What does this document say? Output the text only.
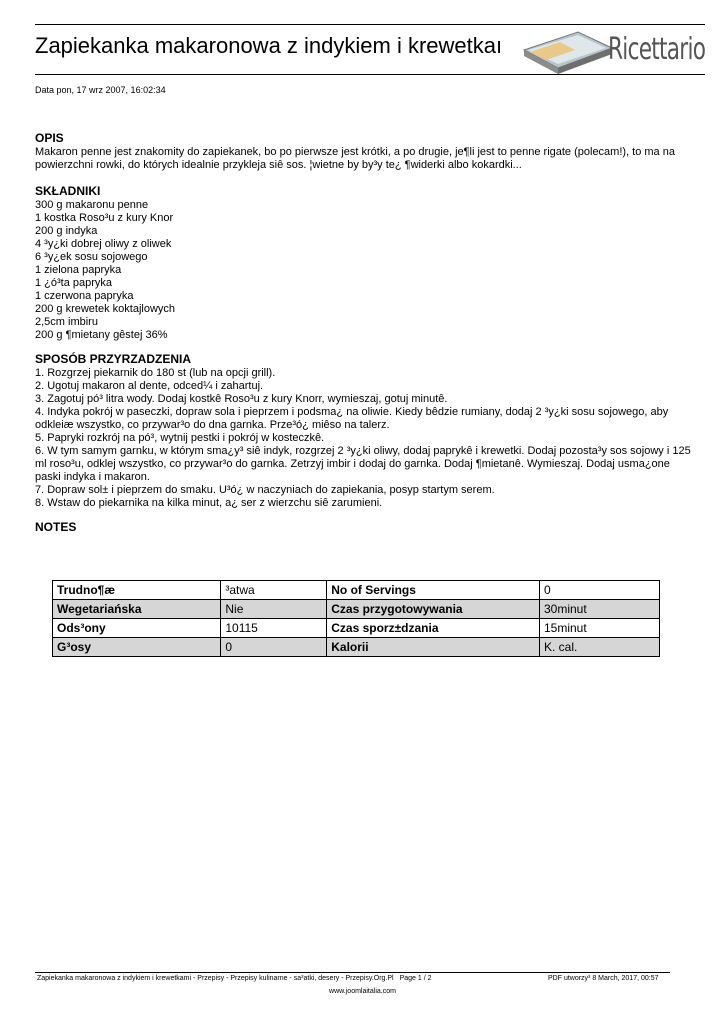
Zapiekanka makaronowa z indykiem i krewetkaı	Ricettario
Data pon, 17 wrz 2007, 16:02:34
OPIS

Makaron penne jest znakomity do zapiekanek, bo po pierwsze jest krótki, a po drugie, je¶li jest to penne rigate (polecam!), to ma na powierzchni rowki, do których idealnie przykleja siê sos. ¦wietne by by³y te¿ ¶widerki albo kokardki...

SKŁADNIKI
300 g makaronu penne
1 kostka Roso³u z kury Knor
200 g indyka
4 ³y¿ki dobrej oliwy z oliwek
6 ³y¿ek sosu sojowego
1 zielona papryka
1 ¿ó³ta papryka
1 czerwona papryka
200 g krewetek koktajlowych
2,5cm imbiru
200 g ¶mietany gêstej 36%
SPOSÓB PRZYRZADZENIA
1. Rozgrzej piekarnik do 180 st (lub na opcji grill).
2. Ugotuj makaron al dente, odced¼ i zahartuj.
3. Zagotuj pó³ litra wody. Dodaj kostkê Roso³u z kury Knorr, wymieszaj, gotuj minutê.
4. Indyka pokrój w paseczki, dopraw sola i pieprzem i podsma¿ na oliwie. Kiedy bêdzie rumiany, dodaj 2 ³y¿ki sosu sojowego, aby odkleiæ wszystko, co przywar³o do dna garnka. Prze³ó¿ miêso na talerz.
5. Papryki rozkrój na pó³, wytnij pestki i pokrój w kosteczkê.
6. W tym samym garnku, w którym sma¿y³ siê indyk, rozgrzej 2 ³y¿ki oliwy, dodaj paprykê i krewetki. Dodaj pozosta³y sos sojowy i 125 ml roso³u, odklej wszystko, co przywar³o do garnka. Zetrzyj imbir i dodaj do garnka. Dodaj ¶mietanê. Wymieszaj. Dodaj usma¿one paski indyka i makaron.
7. Dopraw sol± i pieprzem do smaku. U³ó¿ w naczyniach do zapiekania, posyp startym serem.
8. Wstaw do piekarnika na kilka minut, a¿ ser z wierzchu siê zarumieni.
NOTES
Trudno¶æ	³atwa	No of Servings	0
Wegetariańska	Nie	Czas przygotowywania	30minut
Ods³ony	10115	Czas sporz±dzania	15minut
G³osy	0	Kalorii	K. cal.
Zapiekanka makaronowa z indykiem i krewetkami - Przepisy - Przepisy kulinarne - sa³atki, desery - Przepisy.Org.Pl Page 1 / 2	PDF utworzy³ 8 March, 2017, 00:57
www.joomlaitalia.com
